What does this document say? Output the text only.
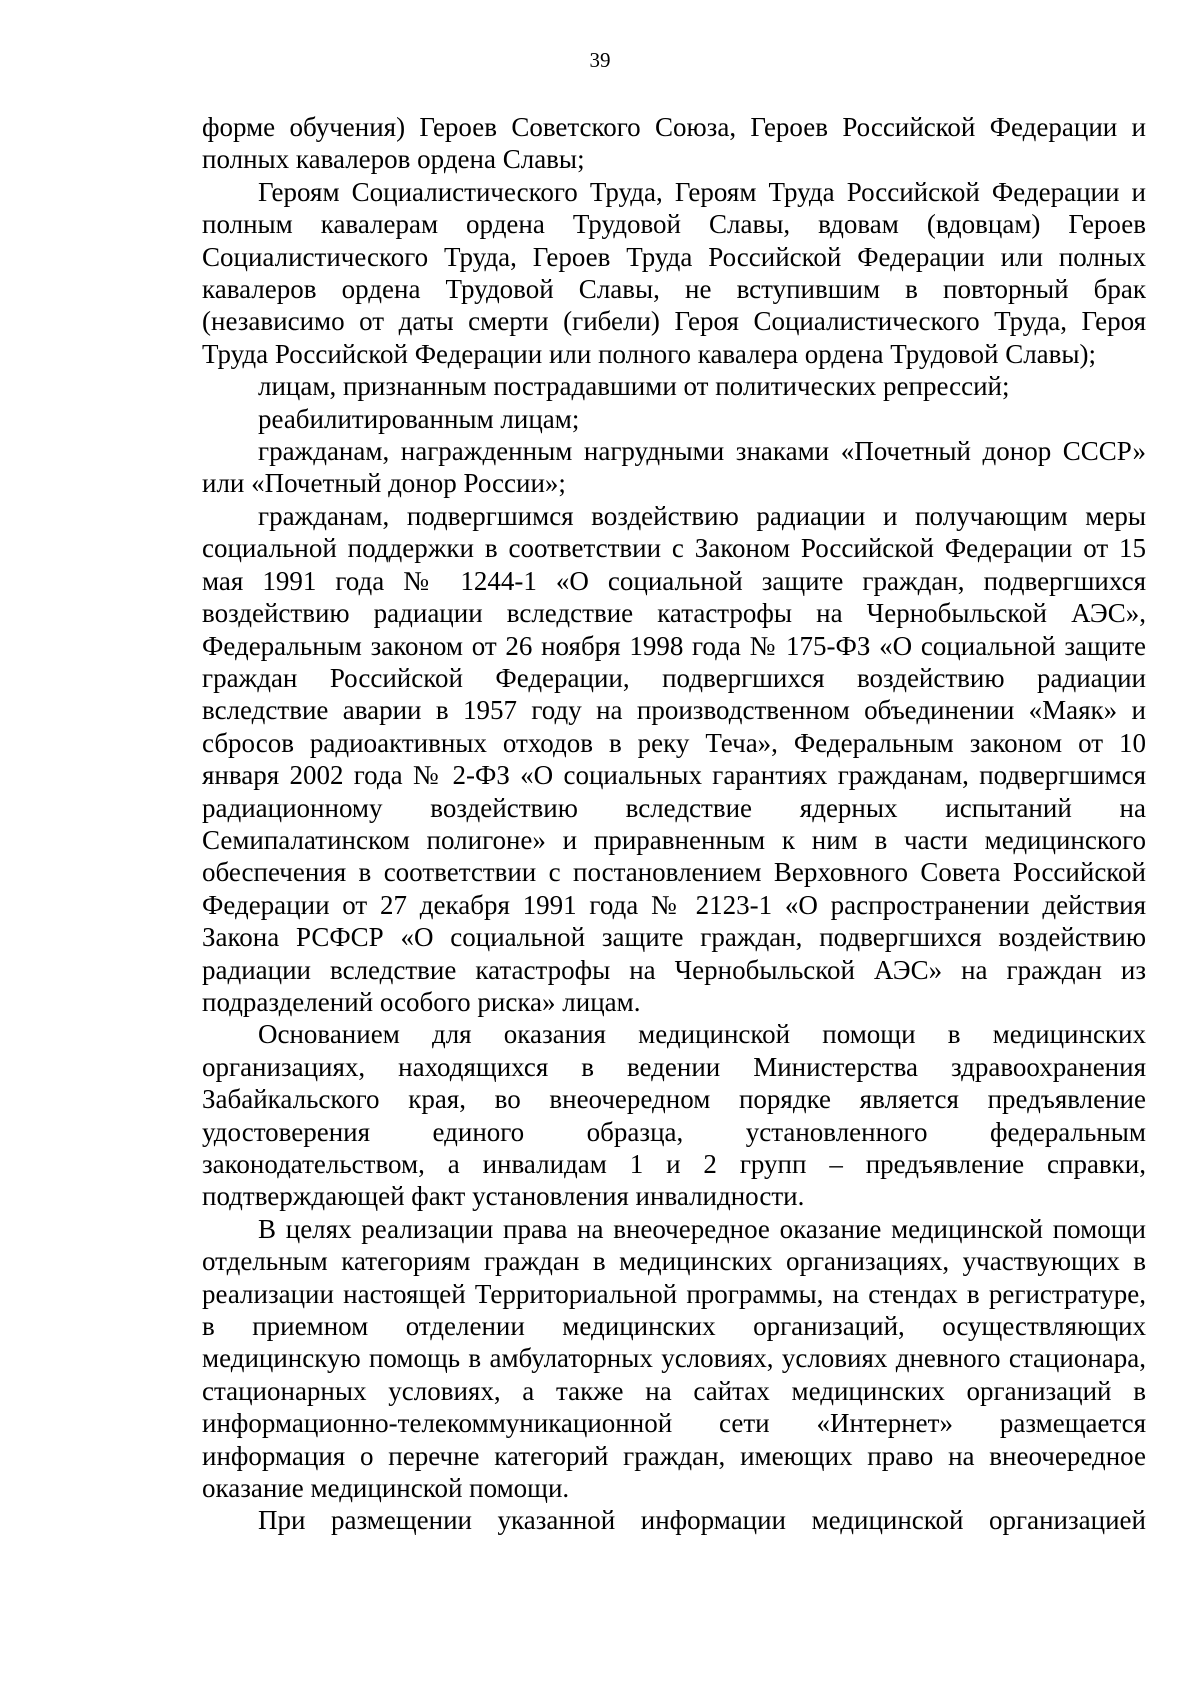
39

форме обучения) Героев Советского Союза, Героев Российской Федерации и полных кавалеров ордена Славы;

Героям Социалистического Труда, Героям Труда Российской Федерации и полным кавалерам ордена Трудовой Славы, вдовам (вдовцам) Героев Социалистического Труда, Героев Труда Российской Федерации или полных кавалеров ордена Трудовой Славы, не вступившим в повторный брак (независимо от даты смерти (гибели) Героя Социалистического Труда, Героя Труда Российской Федерации или полного кавалера ордена Трудовой Славы);

лицам, признанным пострадавшими от политических репрессий;

реабилитированным лицам;

гражданам, награжденным нагрудными знаками «Почетный донор СССР» или «Почетный донор России»;

гражданам, подвергшимся воздействию радиации и получающим меры социальной поддержки в соответствии с Законом Российской Федерации от 15 мая 1991 года № 1244-1 «О социальной защите граждан, подвергшихся воздействию радиации вследствие катастрофы на Чернобыльской АЭС», Федеральным законом от 26 ноября 1998 года № 175-ФЗ «О социальной защите граждан Российской Федерации, подвергшихся воздействию радиации вследствие аварии в 1957 году на производственном объединении «Маяк» и сбросов радиоактивных отходов в реку Теча», Федеральным законом от 10 января 2002 года № 2-ФЗ «О социальных гарантиях гражданам, подвергшимся радиационному воздействию вследствие ядерных испытаний на Семипалатинском полигоне» и приравненным к ним в части медицинского обеспечения в соответствии с постановлением Верховного Совета Российской Федерации от 27 декабря 1991 года № 2123-1 «О распространении действия Закона РСФСР «О социальной защите граждан, подвергшихся воздействию радиации вследствие катастрофы на Чернобыльской АЭС» на граждан из подразделений особого риска» лицам.

Основанием для оказания медицинской помощи в медицинских организациях, находящихся в ведении Министерства здравоохранения Забайкальского края, во внеочередном порядке является предъявление удостоверения единого образца, установленного федеральным законодательством, а инвалидам 1 и 2 групп – предъявление справки, подтверждающей факт установления инвалидности.

В целях реализации права на внеочередное оказание медицинской помощи отдельным категориям граждан в медицинских организациях, участвующих в реализации настоящей Территориальной программы, на стендах в регистратуре, в приемном отделении медицинских организаций, осуществляющих медицинскую помощь в амбулаторных условиях, условиях дневного стационара, стационарных условиях, а также на сайтах медицинских организаций в информационно-телекоммуникационной сети «Интернет» размещается информация о перечне категорий граждан, имеющих право на внеочередное оказание медицинской помощи.

При размещении указанной информации медицинской организацией
